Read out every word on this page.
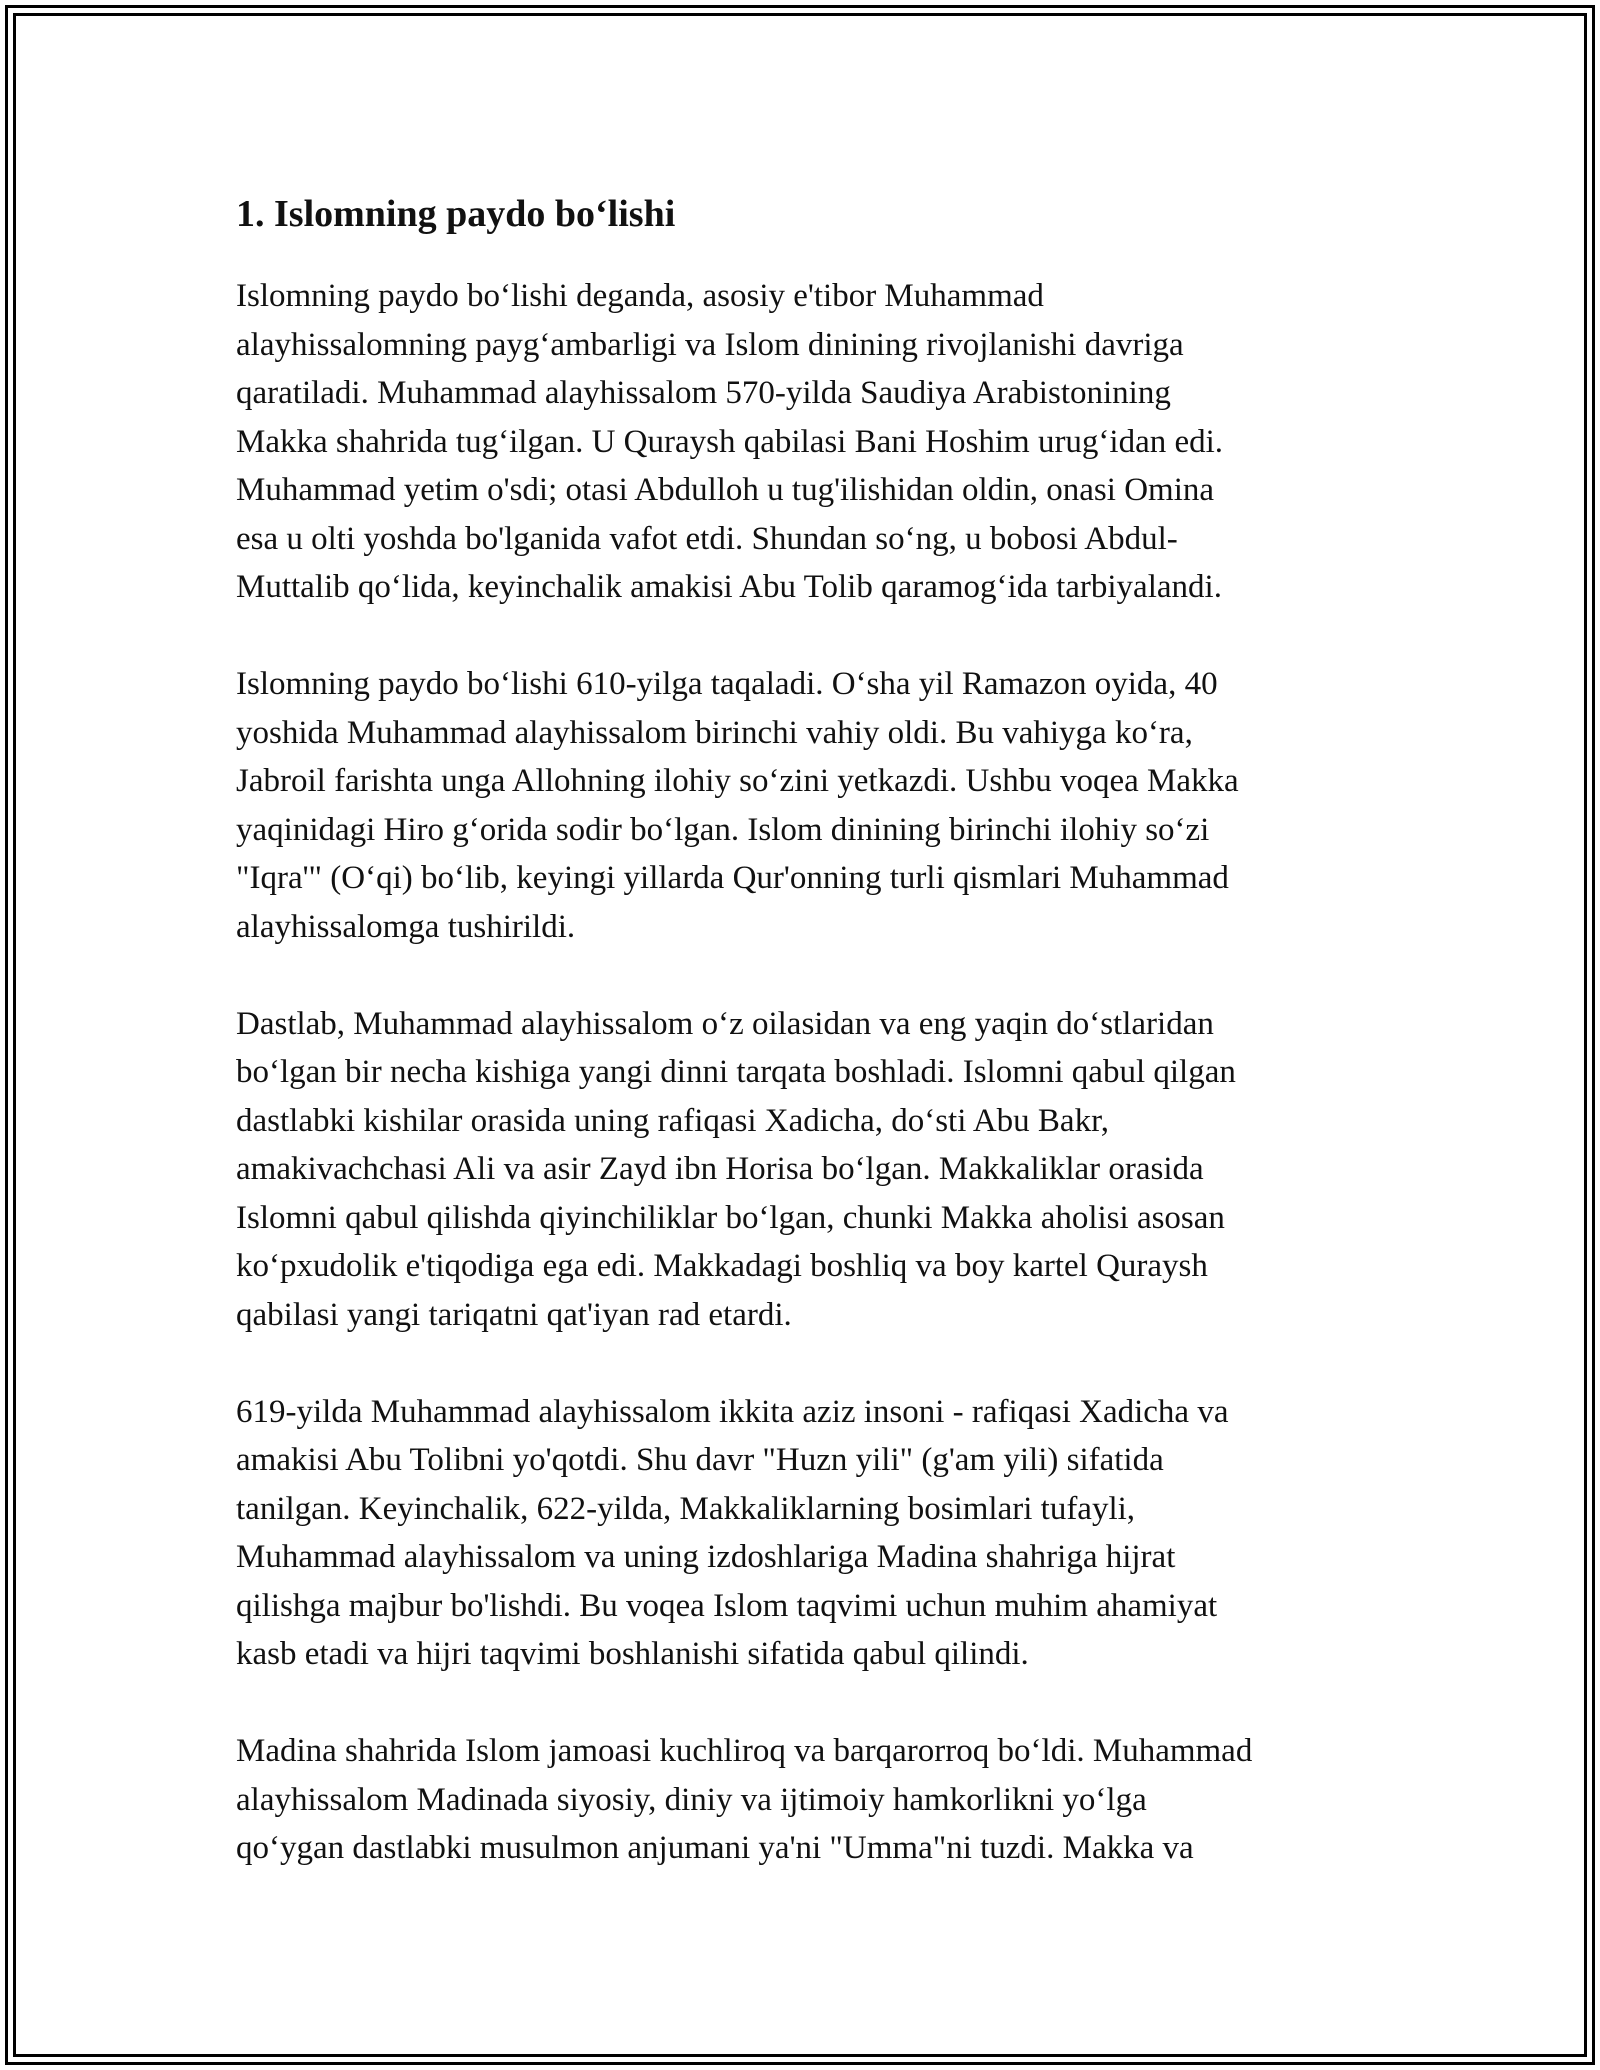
1. Islomning paydo bo‘lishi

Islomning paydo bo‘lishi deganda, asosiy e'tibor Muhammad
alayhissalomning payg‘ambarligi va Islom dinining rivojlanishi davriga
qaratiladi. Muhammad alayhissalom 570-yilda Saudiya Arabistonining
Makka shahrida tug‘ilgan. U Quraysh qabilasi Bani Hoshim urug‘idan edi.
Muhammad yetim o'sdi; otasi Abdulloh u tug'ilishidan oldin, onasi Omina
esa u olti yoshda bo'lganida vafot etdi. Shundan so‘ng, u bobosi Abdul-
Muttalib qo‘lida, keyinchalik amakisi Abu Tolib qaramog‘ida tarbiyalandi.

Islomning paydo bo‘lishi 610-yilga taqaladi. O‘sha yil Ramazon oyida, 40
yoshida Muhammad alayhissalom birinchi vahiy oldi. Bu vahiyga ko‘ra,
Jabroil farishta unga Allohning ilohiy so‘zini yetkazdi. Ushbu voqea Makka
yaqinidagi Hiro g‘orida sodir bo‘lgan. Islom dinining birinchi ilohiy so‘zi
"Iqra'" (O‘qi) bo‘lib, keyingi yillarda Qur'onning turli qismlari Muhammad
alayhissalomga tushirildi.

Dastlab, Muhammad alayhissalom o‘z oilasidan va eng yaqin do‘stlaridan
bo‘lgan bir necha kishiga yangi dinni tarqata boshladi. Islomni qabul qilgan
dastlabki kishilar orasida uning rafiqasi Xadicha, do‘sti Abu Bakr,
amakivachchasi Ali va asir Zayd ibn Horisa bo‘lgan. Makkaliklar orasida
Islomni qabul qilishda qiyinchiliklar bo‘lgan, chunki Makka aholisi asosan
ko‘pxudolik e'tiqodiga ega edi. Makkadagi boshliq va boy kartel Quraysh
qabilasi yangi tariqatni qat'iyan rad etardi.

619-yilda Muhammad alayhissalom ikkita aziz insoni - rafiqasi Xadicha va
amakisi Abu Tolibni yo'qotdi. Shu davr "Huzn yili" (g'am yili) sifatida
tanilgan. Keyinchalik, 622-yilda, Makkaliklarning bosimlari tufayli,
Muhammad alayhissalom va uning izdoshlariga Madina shahriga hijrat
qilishga majbur bo'lishdi. Bu voqea Islom taqvimi uchun muhim ahamiyat
kasb etadi va hijri taqvimi boshlanishi sifatida qabul qilindi.

Madina shahrida Islom jamoasi kuchliroq va barqarorroq bo‘ldi. Muhammad
alayhissalom Madinada siyosiy, diniy va ijtimoiy hamkorlikni yo‘lga
qo‘ygan dastlabki musulmon anjumani ya'ni "Umma"ni tuzdi. Makka va
